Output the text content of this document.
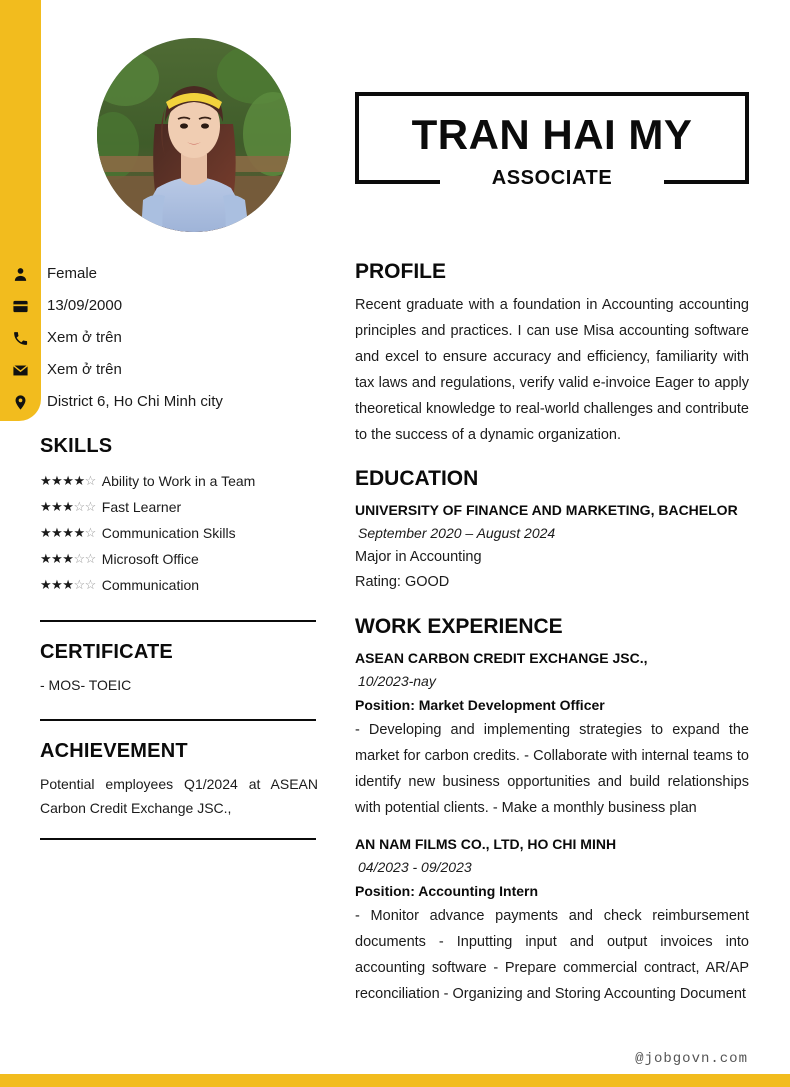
TRAN HAI MY
ASSOCIATE
Female
13/09/2000
Xem ở trên
Xem ở trên
District 6, Ho Chi Minh city
SKILLS
★★★★☆ Ability to Work in a Team
★★★☆☆ Fast Learner
★★★★☆ Communication Skills
★★★☆☆ Microsoft Office
★★★☆☆ Communication
CERTIFICATE
- MOS- TOEIC
ACHIEVEMENT
Potential employees Q1/2024 at ASEAN Carbon Credit Exchange JSC.,
PROFILE
Recent graduate with a foundation in Accounting accounting principles and practices. I can use Misa accounting software and excel to ensure accuracy and efficiency, familiarity with tax laws and regulations, verify valid e-invoice Eager to apply theoretical knowledge to real-world challenges and contribute to the success of a dynamic organization.
EDUCATION
UNIVERSITY OF FINANCE AND MARKETING, BACHELOR
September 2020 – August 2024
Major in Accounting
Rating: GOOD
WORK EXPERIENCE
ASEAN CARBON CREDIT EXCHANGE JSC.,
10/2023-nay
Position: Market Development Officer
- Developing and implementing strategies to expand the market for carbon credits. - Collaborate with internal teams to identify new business opportunities and build relationships with potential clients. - Make a monthly business plan
AN NAM FILMS CO., LTD, HO CHI MINH
04/2023 - 09/2023
Position: Accounting Intern
- Monitor advance payments and check reimbursement documents - Inputting input and output invoices into accounting software - Prepare commercial contract, AR/AP reconciliation - Organizing and Storing Accounting Document
@jobgovn.com
